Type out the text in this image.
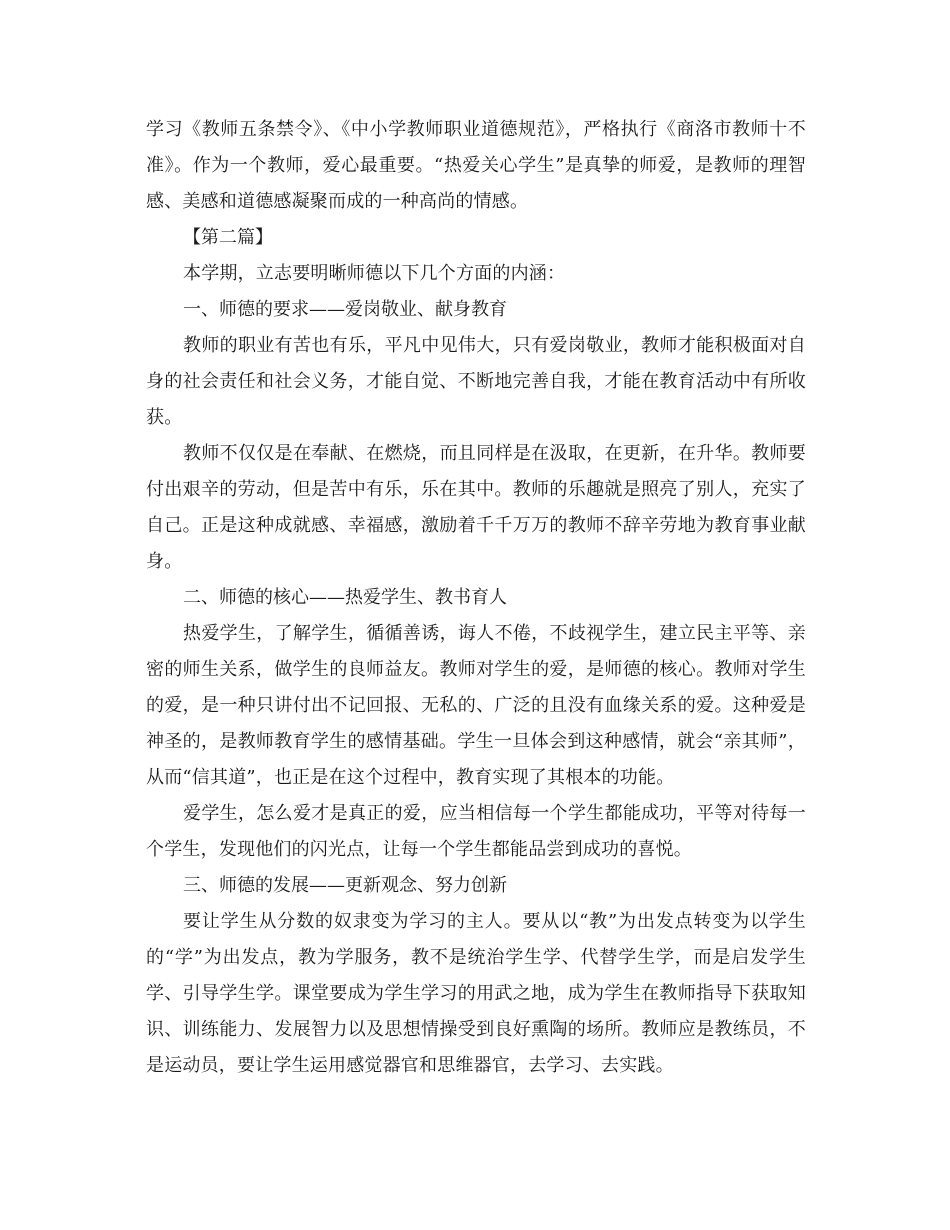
学习《教师五条禁令》、《中小学教师职业道德规范》，严格执行《商洛市教师十不准》。作为一个教师，爱心最重要。“热爱关心学生”是真挚的师爱，是教师的理智感、美感和道德感凝聚而成的一种高尚的情感。

【第二篇】

本学期，立志要明晰师德以下几个方面的内涵：

一、师德的要求——爱岗敬业、献身教育

教师的职业有苦也有乐，平凡中见伟大，只有爱岗敬业，教师才能积极面对自身的社会责任和社会义务，才能自觉、不断地完善自我，才能在教育活动中有所收获。

教师不仅仅是在奉献、在燃烧，而且同样是在汲取，在更新，在升华。教师要付出艰辛的劳动，但是苦中有乐，乐在其中。教师的乐趣就是照亮了别人，充实了自己。正是这种成就感、幸福感，激励着千千万万的教师不辞辛劳地为教育事业献身。

二、师德的核心——热爱学生、教书育人

热爱学生，了解学生，循循善诱，诲人不倦，不歧视学生，建立民主平等、亲密的师生关系，做学生的良师益友。教师对学生的爱，是师德的核心。教师对学生的爱，是一种只讲付出不记回报、无私的、广泛的且没有血缘关系的爱。这种爱是神圣的，是教师教育学生的感情基础。学生一旦体会到这种感情，就会“亲其师”，从而“信其道”，也正是在这个过程中，教育实现了其根本的功能。

爱学生，怎么爱才是真正的爱，应当相信每一个学生都能成功，平等对待每一个学生，发现他们的闪光点，让每一个学生都能品尝到成功的喜悦。

三、师德的发展——更新观念、努力创新

要让学生从分数的奴隶变为学习的主人。要从以“教”为出发点转变为以学生的“学”为出发点，教为学服务，教不是统治学生学、代替学生学，而是启发学生学、引导学生学。课堂要成为学生学习的用武之地，成为学生在教师指导下获取知识、训练能力、发展智力以及思想情操受到良好熏陶的场所。教师应是教练员，不是运动员，要让学生运用感觉器官和思维器官，去学习、去实践。
